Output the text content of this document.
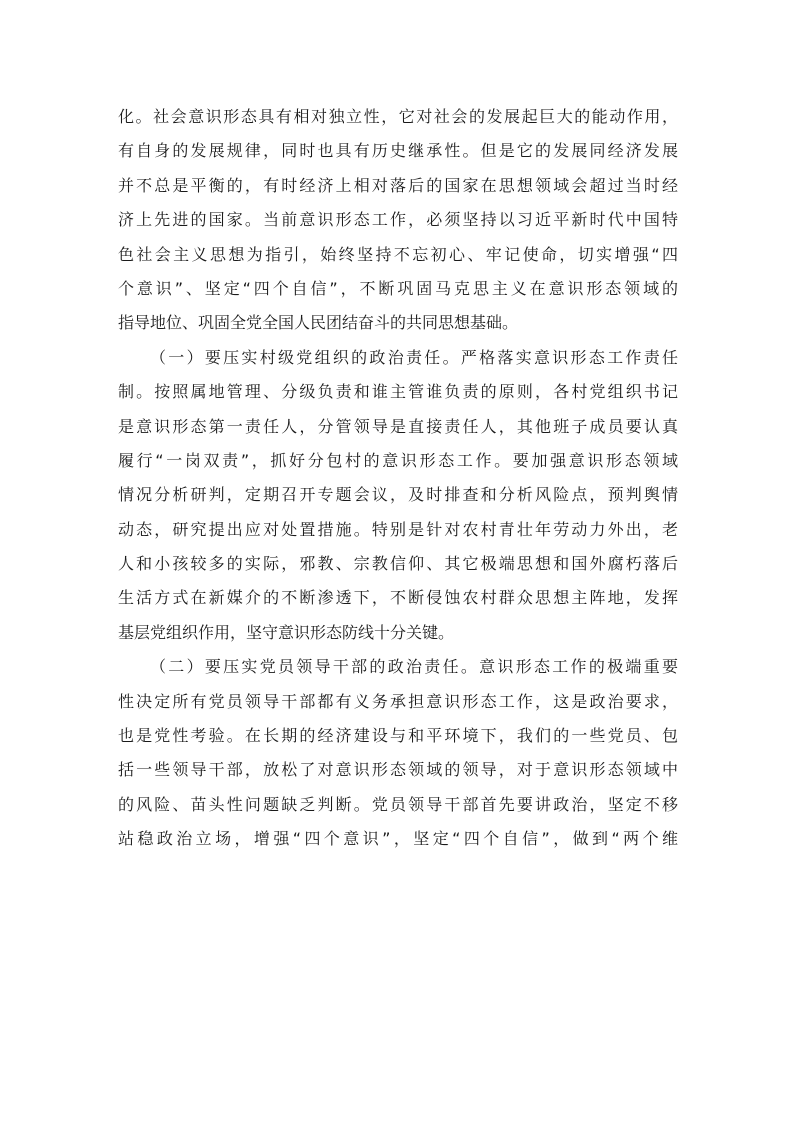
化。社会意识形态具有相对独立性，它对社会的发展起巨大的能动作用，
有自身的发展规律，同时也具有历史继承性。但是它的发展同经济发展
并不总是平衡的，有时经济上相对落后的国家在思想领域会超过当时经
济上先进的国家。当前意识形态工作，必须坚持以习近平新时代中国特
色社会主义思想为指引，始终坚持不忘初心、牢记使命，切实增强“四
个意识”、坚定“四个自信”，不断巩固马克思主义在意识形态领域的
指导地位、巩固全党全国人民团结奋斗的共同思想基础。
（一）要压实村级党组织的政治责任。严格落实意识形态工作责任
制。按照属地管理、分级负责和谁主管谁负责的原则，各村党组织书记
是意识形态第一责任人，分管领导是直接责任人，其他班子成员要认真
履行“一岗双责”，抓好分包村的意识形态工作。要加强意识形态领域
情况分析研判，定期召开专题会议，及时排查和分析风险点，预判舆情
动态，研究提出应对处置措施。特别是针对农村青壮年劳动力外出，老
人和小孩较多的实际，邪教、宗教信仰、其它极端思想和国外腐朽落后
生活方式在新媒介的不断渗透下，不断侵蚀农村群众思想主阵地，发挥
基层党组织作用，坚守意识形态防线十分关键。
（二）要压实党员领导干部的政治责任。意识形态工作的极端重要
性决定所有党员领导干部都有义务承担意识形态工作，这是政治要求，
也是党性考验。在长期的经济建设与和平环境下，我们的一些党员、包
括一些领导干部，放松了对意识形态领域的领导，对于意识形态领域中
的风险、苗头性问题缺乏判断。党员领导干部首先要讲政治，坚定不移
站稳政治立场，增强“四个意识”，坚定“四个自信”，做到“两个维
